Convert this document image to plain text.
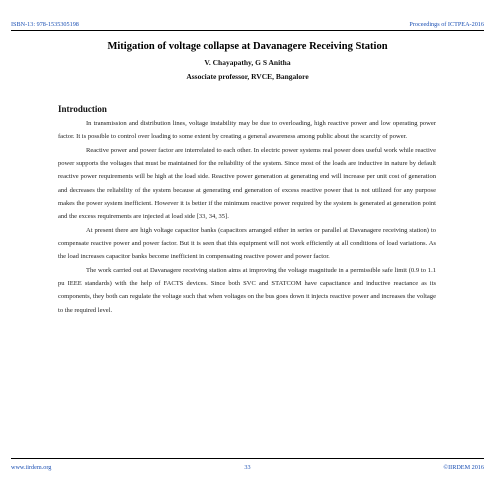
ISBN-13: 978-1535305198	Proceedings of ICTPEA-2016
Mitigation of voltage collapse at Davanagere Receiving Station
V. Chayapathy, G S Anitha
Associate professor, RVCE, Bangalore
Introduction

In transmission and distribution lines, voltage instability may be due to overloading, high reactive power and low operating power factor. It is possible to control over loading to some extent by creating a general awareness among public about the scarcity of power.

Reactive power and power factor are interrelated to each other. In electric power systems real power does useful work while reactive power supports the voltages that must be maintained for the reliability of the system. Since most of the loads are inductive in nature by default reactive power requirements will be high at the load side. Reactive power generation at generating end will increase per unit cost of generation and decreases the reliability of the system because at generating end generation of excess reactive power that is not utilized for any purpose makes the power system inefficient. However it is better if the minimum reactive power required by the system is generated at generation point and the excess requirements are injected at load side [33, 34, 35].

At present there are high voltage capacitor banks (capacitors arranged either in series or parallel at Davanagere receiving station) to compensate reactive power and power factor. But it is seen that this equipment will not work efficiently at all conditions of load variations. As the load increases capacitor banks become inefficient in compensating reactive power and power factor.

The work carried out at Davanagere receiving station aims at improving the voltage magnitude in a permissible safe limit (0.9 to 1.1 pu IEEE standards) with the help of FACTS devices. Since both SVC and STATCOM have capacitance and inductive reactance as its components, they both can regulate the voltage such that when voltages on the bus goes down it injects reactive power and increases the voltage to the required level.

www.iirdem.org	33	©IIRDEM 2016
